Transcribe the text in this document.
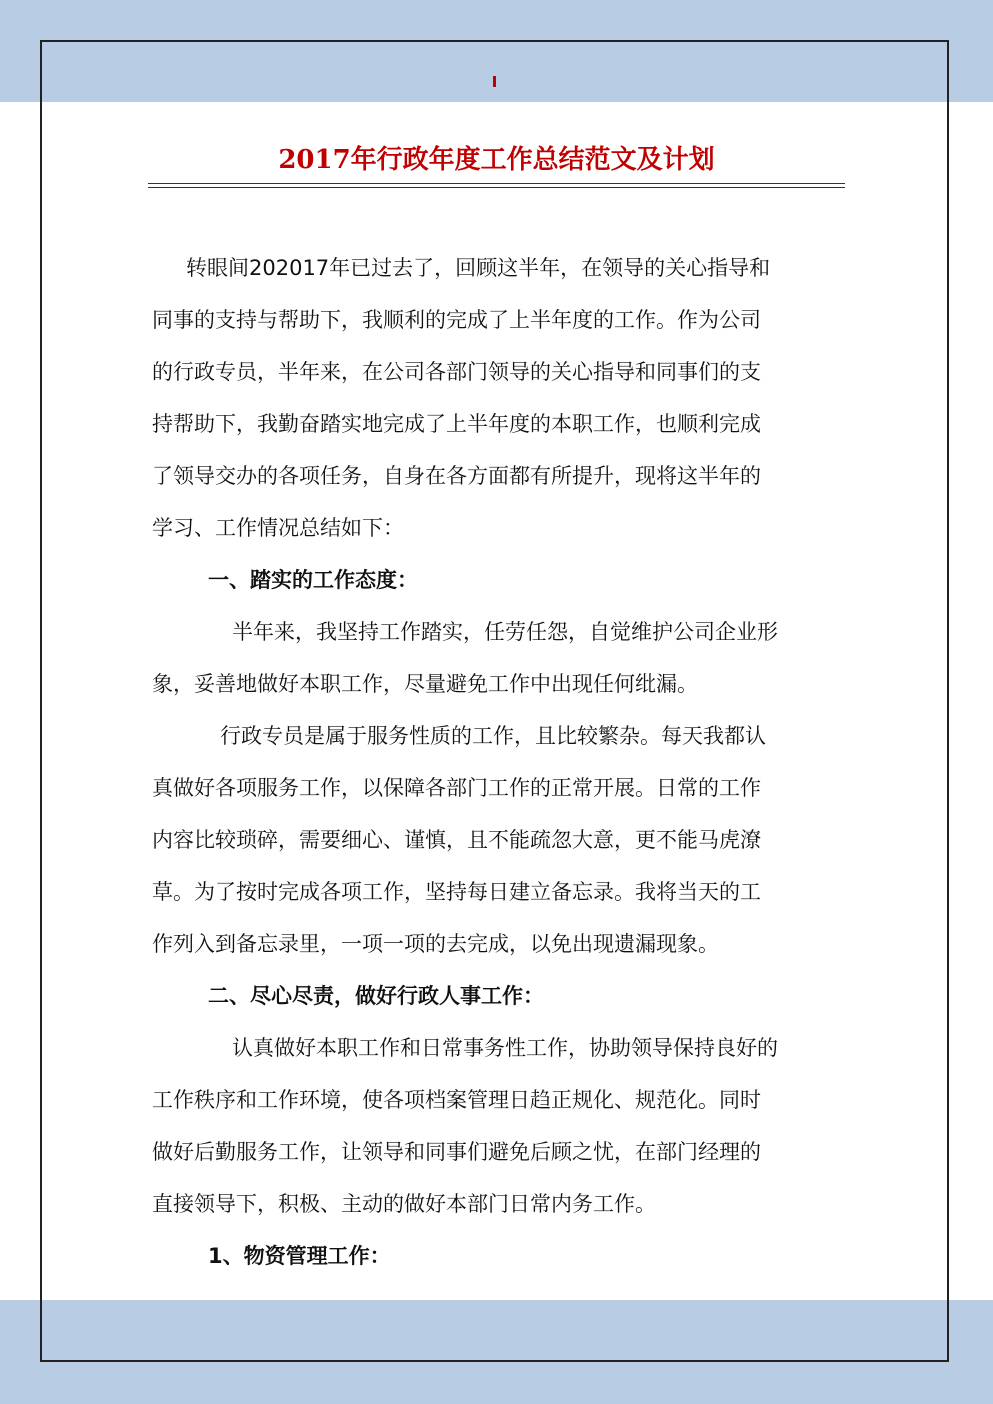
2017年行政年度工作总结范文及计划
转眼间202017年已过去了，回顾这半年，在领导的关心指导和
同事的支持与帮助下，我顺利的完成了上半年度的工作。作为公司
的行政专员，半年来，在公司各部门领导的关心指导和同事们的支
持帮助下，我勤奋踏实地完成了上半年度的本职工作，也顺利完成
了领导交办的各项任务，自身在各方面都有所提升，现将这半年的
学习、工作情况总结如下：
一、踏实的工作态度：
半年来，我坚持工作踏实，任劳任怨，自觉维护公司企业形
象，妥善地做好本职工作，尽量避免工作中出现任何纰漏。
行政专员是属于服务性质的工作，且比较繁杂。每天我都认
真做好各项服务工作，以保障各部门工作的正常开展。日常的工作
内容比较琐碎，需要细心、谨慎，且不能疏忽大意，更不能马虎潦
草。为了按时完成各项工作，坚持每日建立备忘录。我将当天的工
作列入到备忘录里，一项一项的去完成，以免出现遗漏现象。
二、尽心尽责，做好行政人事工作：
认真做好本职工作和日常事务性工作，协助领导保持良好的
工作秩序和工作环境，使各项档案管理日趋正规化、规范化。同时
做好后勤服务工作，让领导和同事们避免后顾之忧，在部门经理的
直接领导下，积极、主动的做好本部门日常内务工作。
1、物资管理工作：
